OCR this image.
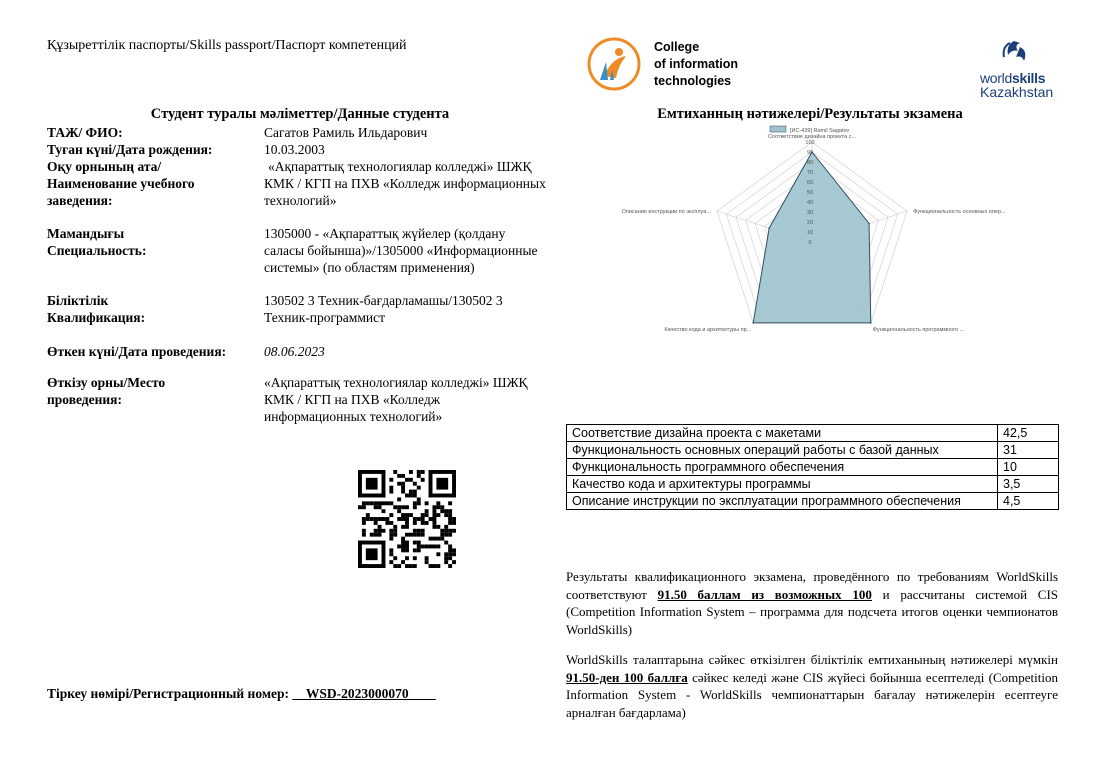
Құзыреттілік паспорты/Skills passport/Паспорт компетенций	College
of information
technologies	worldskills
Kazakhstan
Студент туралы мәліметтер/Данные студента
ТАЖ/ ФИО:	Сагатов Рамиль Ильдарович
Туған күні/Дата рождения:	10.03.2003
Оқу орнының ата/Наименование учебного заведения:
«Ақпараттық технологиялар колледжі» ШЖҚ КМК / КГП на ПХВ «Колледж информационных технологий»
Мамандығы Специальность:
1305000 - «Ақпараттық жүйелер (қолдану саласы бойынша)»/1305000 «Информационные системы» (по областям применения)
Біліктілік Квалификация:
130502 3 Техник-бағдарламашы/130502 3 Техник-программист
Өткен күні/Дата проведения:	08.06.2023
Өткізу орны/Место проведения:
«Ақпараттық технологиялар колледжі» ШЖҚ КМК / КГП на ПХВ «Колледж информационных технологий»
Тіркеу нөмірі/Регистрационный номер: __WSD-2023000070____
Емтиханның нәтижелері/Результаты экзамена
[ИС-439] Ramil Sagatov
0
10
20
30
40
50
60
70
80
90
100
Соответствие дизайна проекта с...
Функциональность основных опер...
Функциональность программного ...
Качество кода и архитектуры пр...
Описание инструкции по эксплуа...
Соответствие дизайна проекта с макетами	42,5
Функциональность основных операций работы с базой данных	31
Функциональность программного обеспечения	10
Качество кода и архитектуры программы	3,5
Описание инструкции по эксплуатации программного обеспечения	4,5
Результаты квалификационного экзамена, проведённого по требованиям WorldSkills соответствуют 91.50 баллам из возможных 100 и рассчитаны системой CIS (Competition Information System – программа для подсчета итогов оценки чемпионатов WorldSkills)
WorldSkills талаптарына сәйкес өткізілген біліктілік емтиханының нәтижелері мүмкін 91.50-ден 100 баллға сәйкес келеді және CIS жүйесі бойынша есептеледі (Competition Information System - WorldSkills чемпионаттарын бағалау нәтижелерін есептеуге арналған бағдарлама)
